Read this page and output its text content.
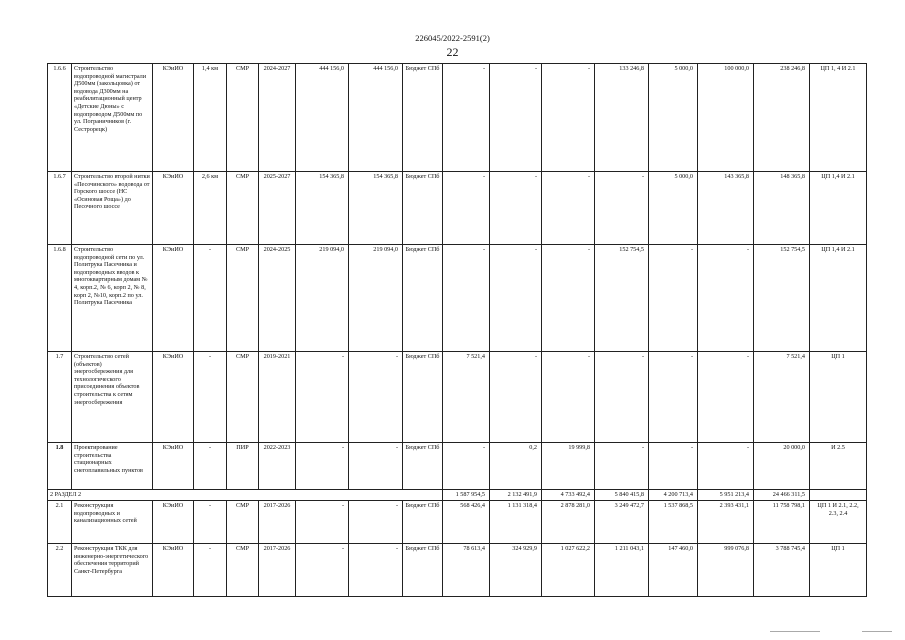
226045/2022-2591(2)
22
1.6.6	Строительство водопроводной магистрали Д500мм (закольцовка) от водовода Д300мм на реабилитационный центр «Детские Дюны» с водопроводом Д500мм по ул. Пограничников (г. Сестрорецк)	КЭиИО	1,4 км	СМР	2024-2027	444 156,0	444 156,0	Бюджет СПб	-	-	-	133 246,8	5 000,0	100 000,0	238 246,8	ЦП 1, 4 И 2.1
1.6.7	Строительство второй нитки «Песочинского» водовода от Горского шоссе (НС «Осиновая Роща») до Песочного шоссе	КЭиИО	2,6 км	СМР	2025-2027	154 365,8	154 365,8	Бюджет СПб	-	-	-	-	5 000,0	143 365,8	148 365,8	ЦП 1,4 И 2.1
1.6.8	Строительство водопроводной сети по ул. Политрука Пасечника и водопроводных вводов к многоквартирным домам № 4, корп.2, № 6, корп 2, № 8, корп 2, №10, корп.2 по ул. Политрука Пасечника	КЭиИО	-	СМР	2024-2025	219 094,0	219 094,0	Бюджет СПб	-	-	-	152 754,5	-	-	152 754,5	ЦП 1,4 И 2.1
1.7	Строительство сетей (объектов) энергосбережения для технологического присоединения объектов строительства к сетям энергосбережения	КЭиИО	-	СМР	2019-2021	-	-	Бюджет СПб	7 521,4	-	-	-	-	-	7 521,4	ЦП 1
1.8	Проектирование строительства стационарных снегоплавильных пунктов	КЭиИО	-	ПИР	2022-2023	-	-	Бюджет СПб	-	0,2	19 999,8	-	-	-	20 000,0	И 2.5
2 РАЗДЕЛ 2									1 587 954,5	2 132 491,9	4 733 492,4	5 840 415,8	4 200 713,4	5 951 213,4	24 466 311,5	
2.1	Реконструкция водопроводных и канализационных сетей	КЭиИО	-	СМР	2017-2026	-	-	Бюджет СПб	568 426,4	1 131 318,4	2 878 281,0	3 249 472,7	1 537 868,5	2 393 431,1	11 758 798,1	ЦП 1 И 2.1, 2.2, 2.3, 2.4
2.2	Реконструкция ТКК для инженерно-энергетического обеспечения территорий Санкт-Петербурга	КЭиИО	-	СМР	2017-2026	-	-	Бюджет СПб	78 613,4	324 929,9	1 027 622,2	1 211 043,1	147 460,0	999 076,8	3 788 745,4	ЦП 1
